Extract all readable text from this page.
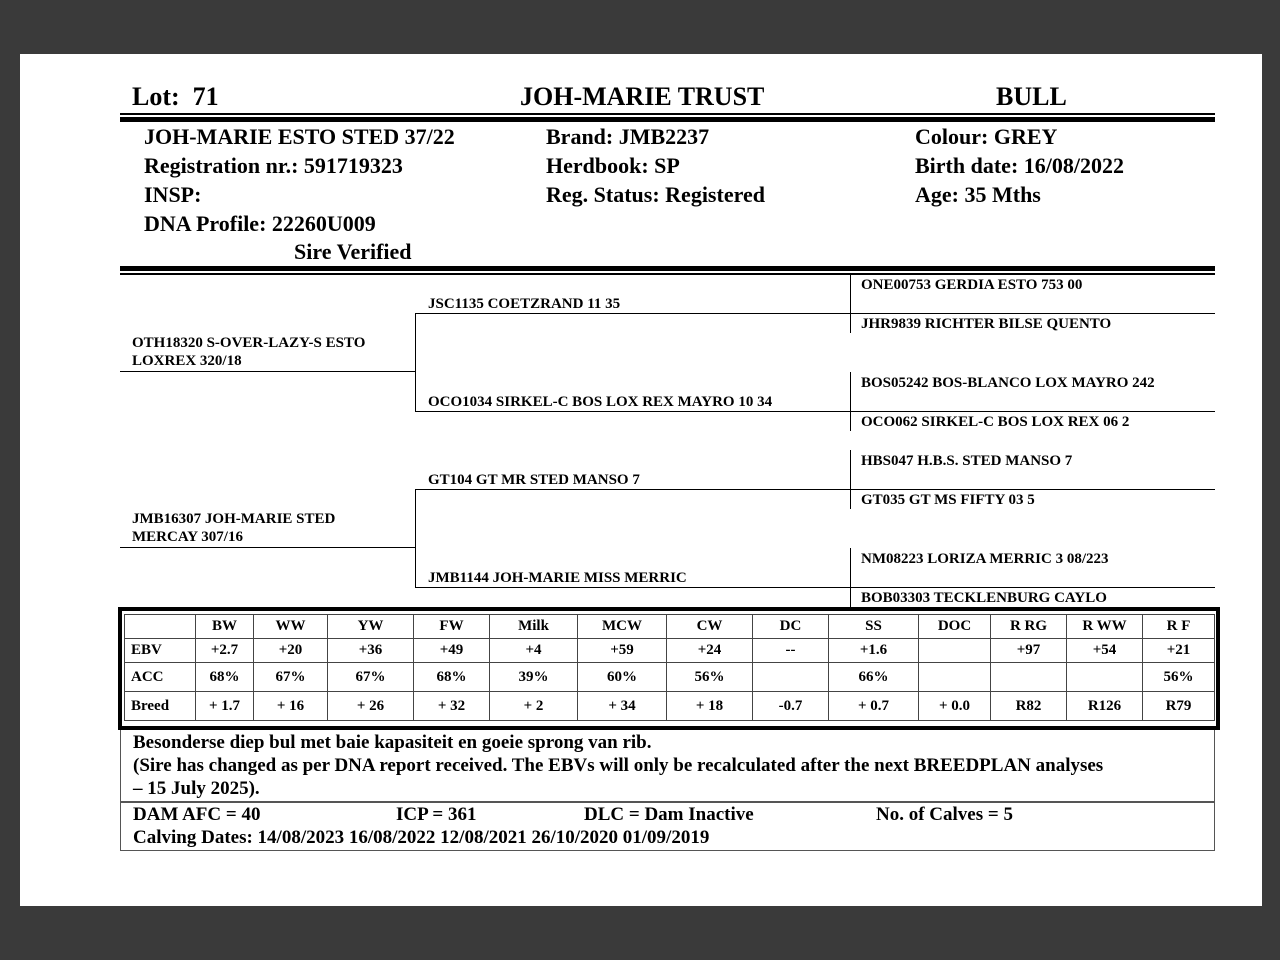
Lot: 71	JOH-MARIE TRUST	BULL
JOH-MARIE ESTO STED 37/22
Registration nr.: 591719323
INSP:
DNA Profile: 22260U009
Sire Verified
Brand: JMB2237
Herdbook: SP
Reg. Status: Registered
Colour: GREY
Birth date: 16/08/2022
Age: 35 Mths
OTH18320 S-OVER-LAZY-S ESTO
LOXREX 320/18
JMB16307 JOH-MARIE STED
MERCAY 307/16
JSC1135 COETZRAND 11 35
OCO1034 SIRKEL-C BOS LOX REX MAYRO 10 34
GT104 GT MR STED MANSO 7
JMB1144 JOH-MARIE MISS MERRIC
ONE00753 GERDIA ESTO 753 00
JHR9839 RICHTER BILSE QUENTO
BOS05242 BOS-BLANCO LOX MAYRO 242
OCO062 SIRKEL-C BOS LOX REX 06 2
HBS047 H.B.S. STED MANSO 7
GT035 GT MS FIFTY 03 5
NM08223 LORIZA MERRIC 3 08/223
BOB03303 TECKLENBURG CAYLO
	BW	WW	YW	FW	Milk	MCW	CW	DC	SS	DOC	R RG	R WW	R F
EBV	+2.7	+20	+36	+49	+4	+59	+24	--	+1.6		+97	+54	+21
ACC	68%	67%	67%	68%	39%	60%	56%		66%				56%
Breed	+ 1.7	+ 16	+ 26	+ 32	+ 2	+ 34	+ 18	-0.7	+ 0.7	+ 0.0	R82	R126	R79
Besonderse diep bul met baie kapasiteit en goeie sprong van rib.
(Sire has changed as per DNA report received. The EBVs will only be recalculated after the next BREEDPLAN analyses
– 15 July 2025).
DAM AFC = 40	ICP = 361	DLC = Dam Inactive	No. of Calves = 5
Calving Dates: 14/08/2023 16/08/2022 12/08/2021 26/10/2020 01/09/2019
